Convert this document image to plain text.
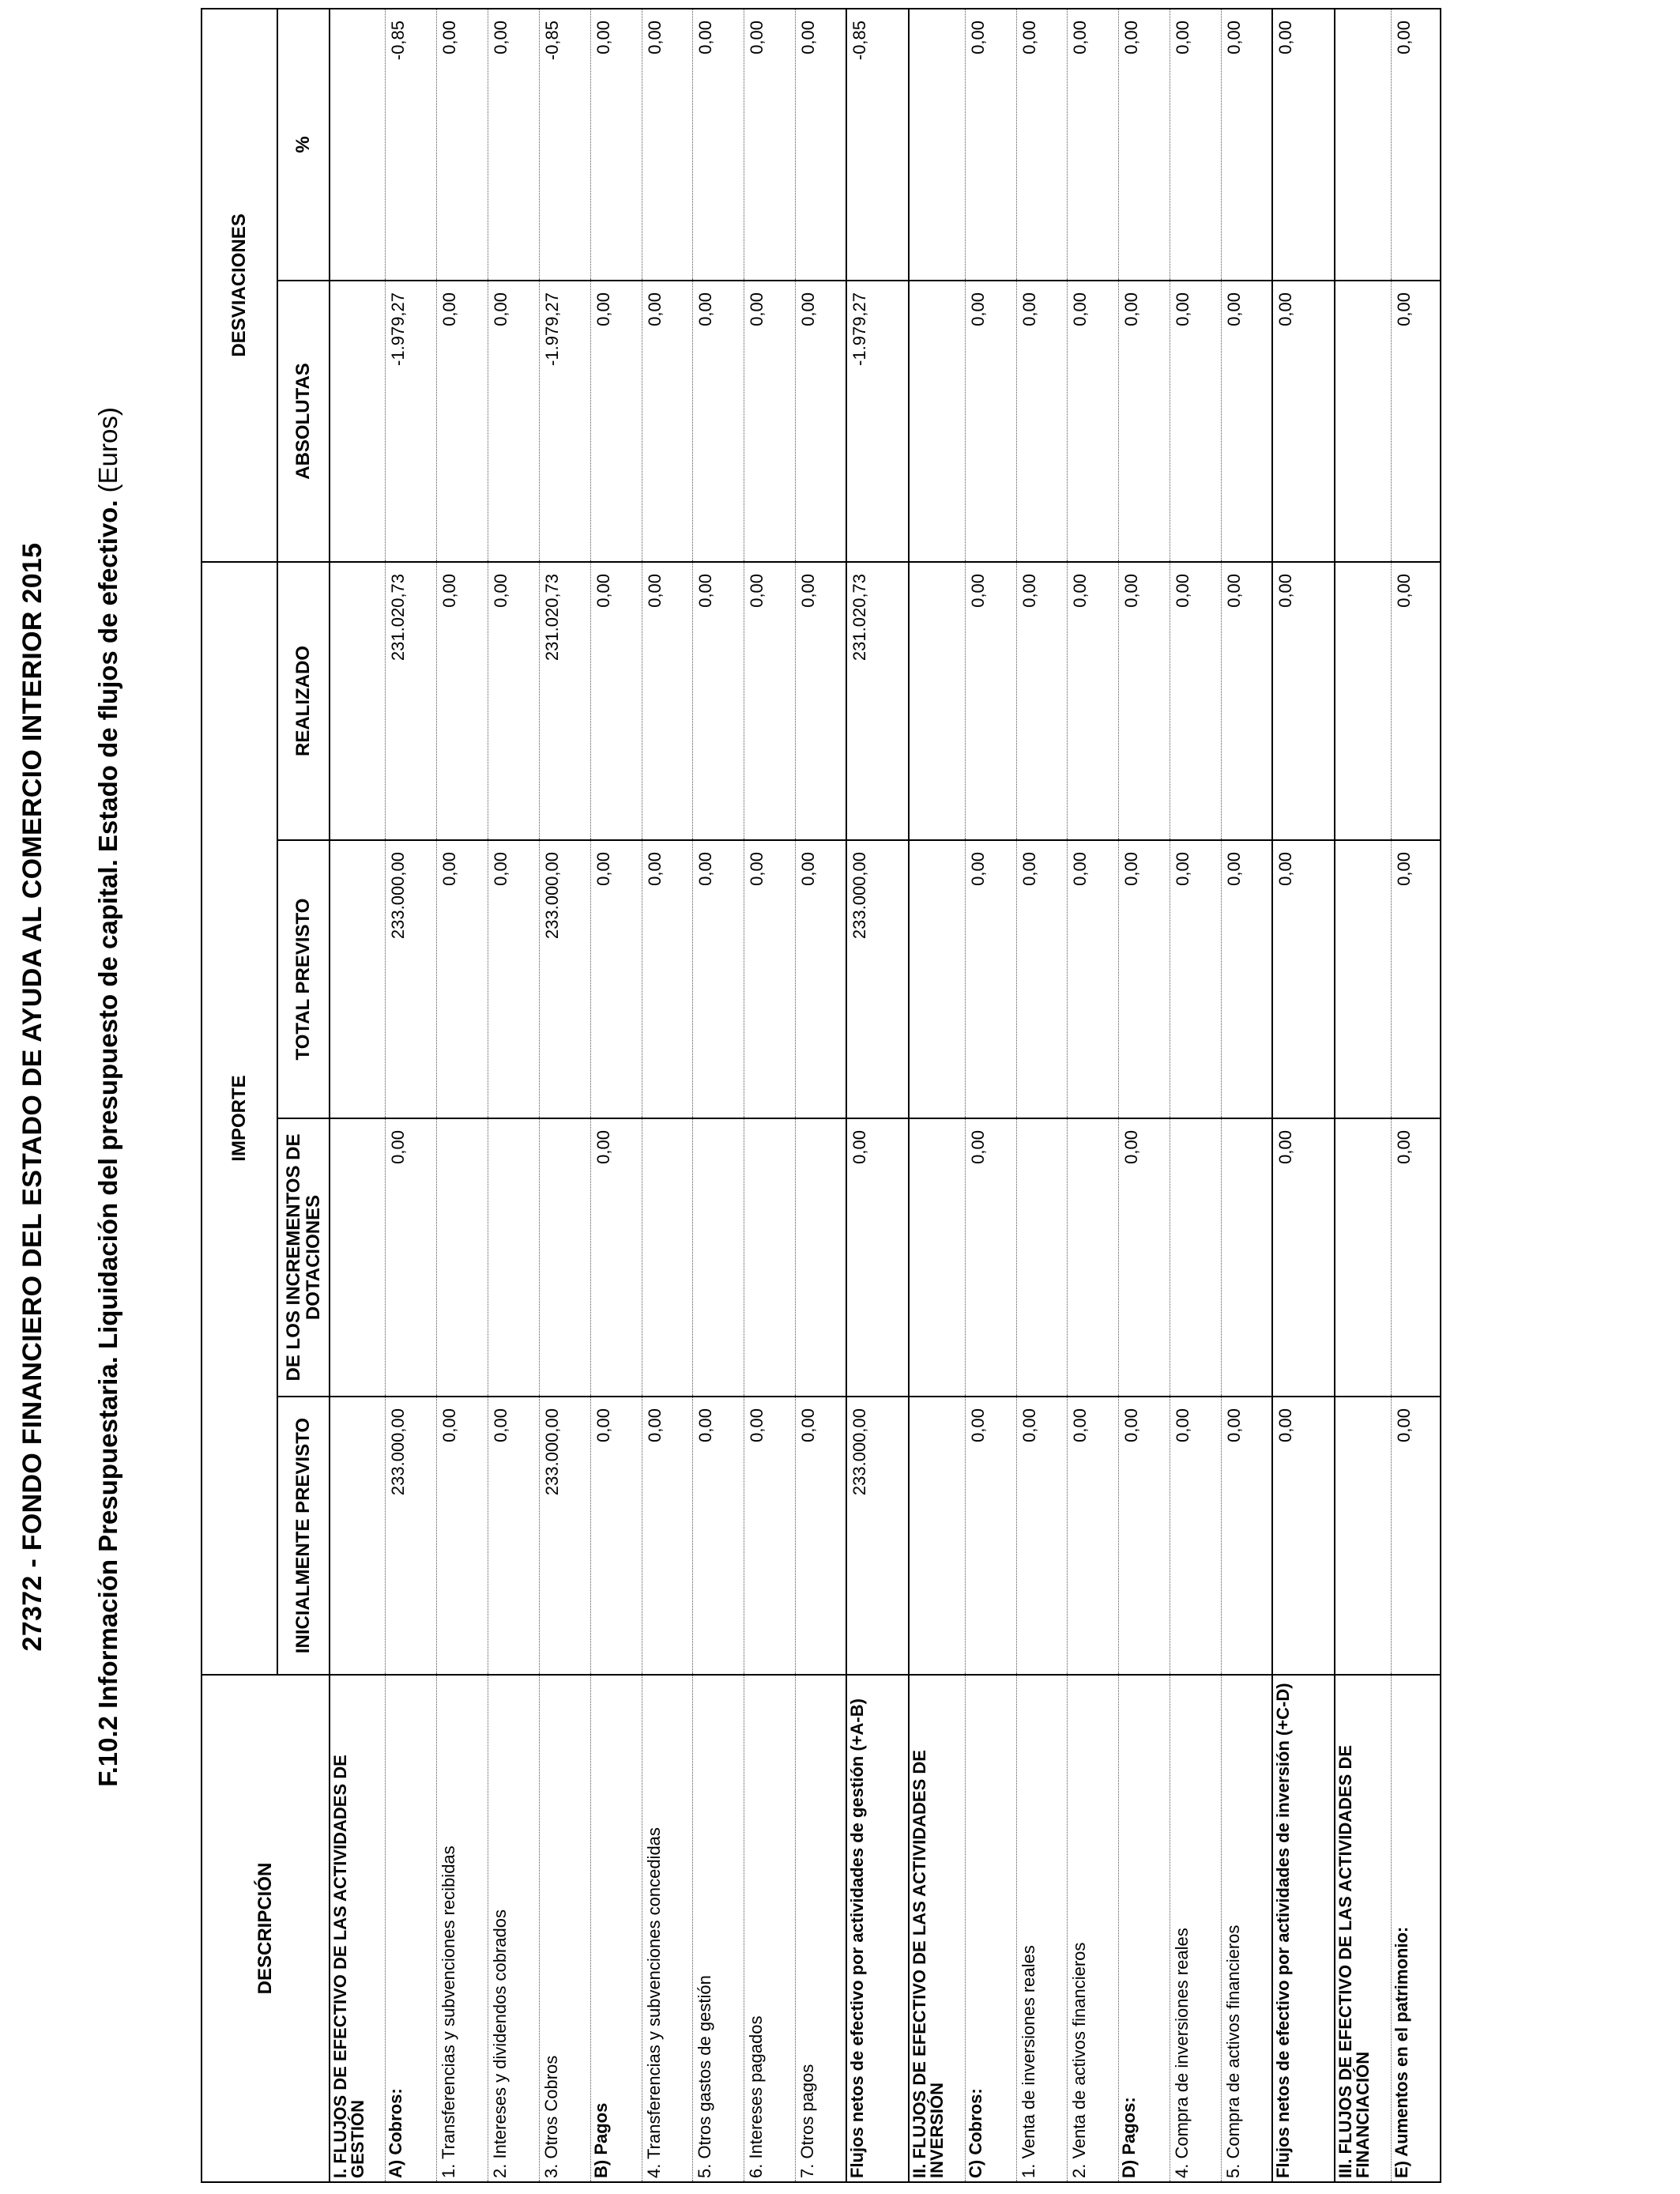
27372 - FONDO FINANCIERO DEL ESTADO DE AYUDA AL COMERCIO INTERIOR 2015 F.10.2 Información Presupuestaria. Liquidación del presupuesto de capital. Estado de flujos de efectivo. (Euros)
DESCRIPCIÓN	IMPORTE				DESVIACIONES	
	INICIALMENTE PREVISTO	DE LOS INCREMENTOS DE DOTACIONES	TOTAL PREVISTO	REALIZADO	ABSOLUTAS	%
I. FLUJOS DE EFECTIVO DE LAS ACTIVIDADES DE GESTIÓN						
A) Cobros:	233.000,00	0,00	233.000,00	231.020,73	-1.979,27	-0,85
1. Transferencias y subvenciones recibidas	0,00		0,00	0,00	0,00	0,00
2. Intereses y dividendos cobrados	0,00		0,00	0,00	0,00	0,00
3. Otros Cobros	233.000,00		233.000,00	231.020,73	-1.979,27	-0,85
B) Pagos	0,00	0,00	0,00	0,00	0,00	0,00
4. Transferencias y subvenciones concedidas	0,00		0,00	0,00	0,00	0,00
5. Otros gastos de gestión	0,00		0,00	0,00	0,00	0,00
6. Intereses pagados	0,00		0,00	0,00	0,00	0,00
7. Otros pagos	0,00		0,00	0,00	0,00	0,00
Flujos netos de efectivo por actividades de gestión (+A-B)	233.000,00	0,00	233.000,00	231.020,73	-1.979,27	-0,85
II. FLUJOS DE EFECTIVO DE LAS ACTIVIDADES DE INVERSIÓN						
C) Cobros:	0,00	0,00	0,00	0,00	0,00	0,00
1. Venta de inversiones reales	0,00		0,00	0,00	0,00	0,00
2. Venta de activos financieros	0,00		0,00	0,00	0,00	0,00
D) Pagos:	0,00	0,00	0,00	0,00	0,00	0,00
4. Compra de inversiones reales	0,00		0,00	0,00	0,00	0,00
5. Compra de activos financieros	0,00		0,00	0,00	0,00	0,00
Flujos netos de efectivo por actividades de inversión (+C-D)	0,00	0,00	0,00	0,00	0,00	0,00
III. FLUJOS DE EFECTIVO DE LAS ACTIVIDADES DE FINANCIACIÓN						
E) Aumentos en el patrimonio:	0,00	0,00	0,00	0,00	0,00	0,00
